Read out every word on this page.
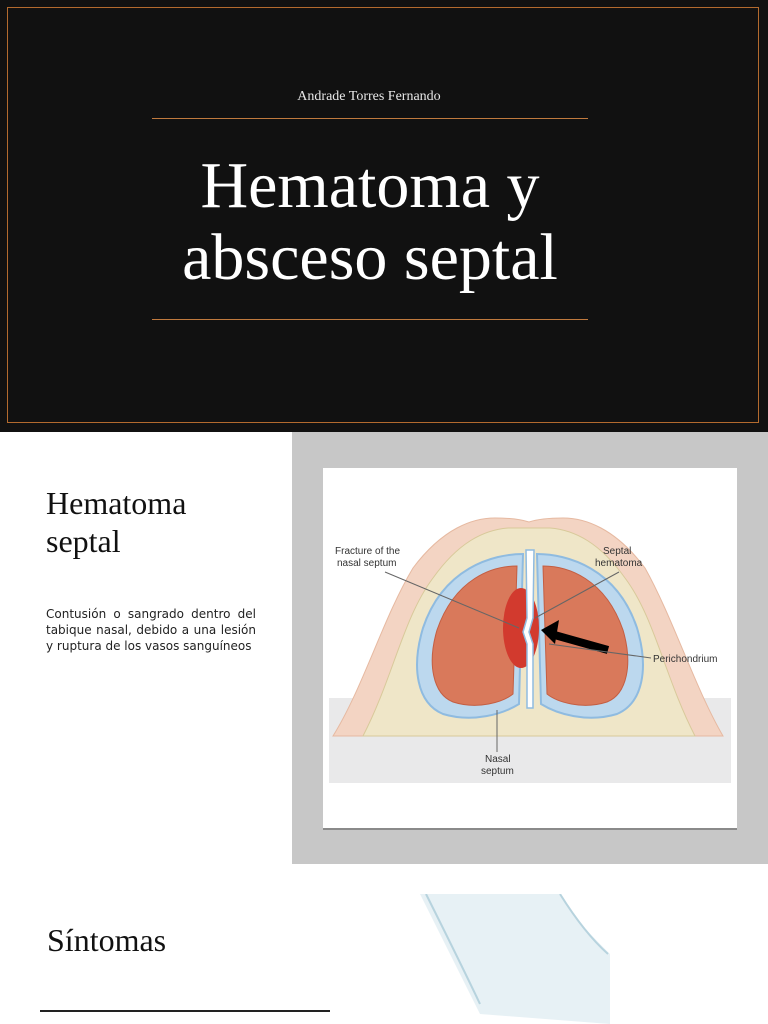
Andrade Torres Fernando
Hematoma y
absceso septal
Hematoma
septal

Contusión o sangrado dentro del tabique nasal, debido a una lesión y ruptura de los vasos sanguíneos

Fracture of the
nasal septum
Septal
hematoma
Perichondrium
Nasal
septum
Síntomas
